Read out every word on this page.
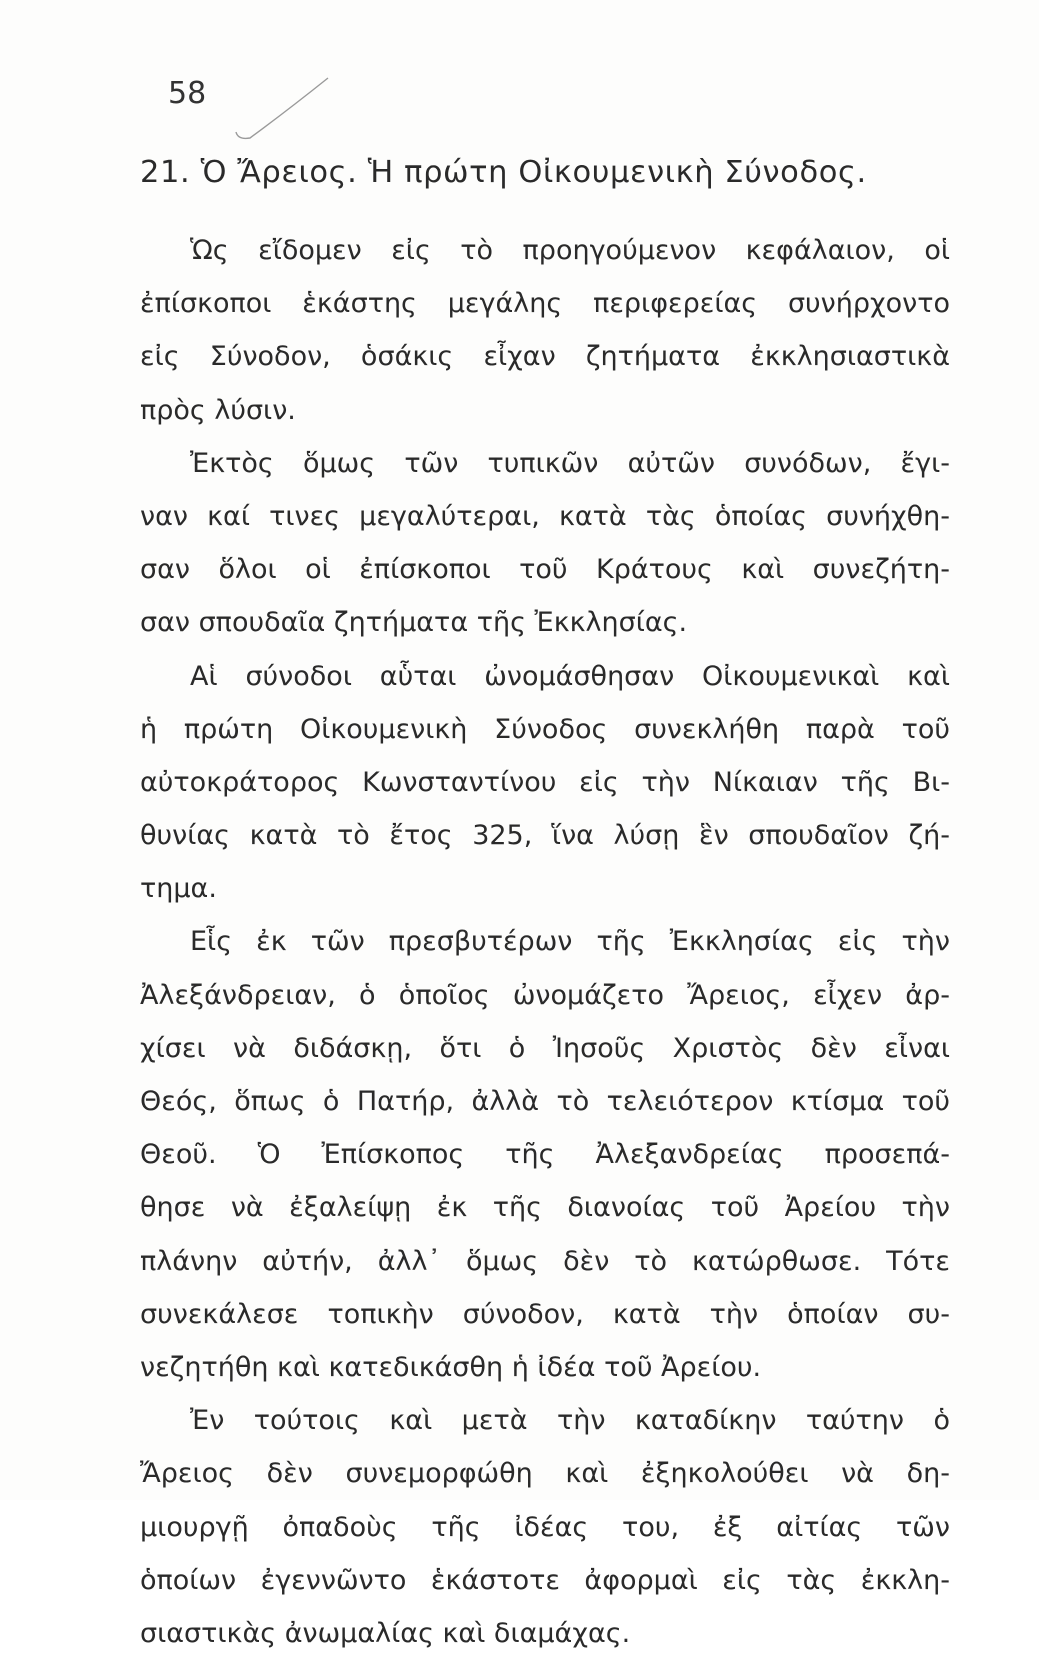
58
21. Ὁ Ἄρειος. Ἡ πρώτη Οἰκουμενικὴ Σύνοδος.
Ὡς εἴδομεν εἰς τὸ προηγούμενον κεφάλαιον, οἱ
ἐπίσκοποι ἑκάστης μεγάλης περιφερείας συνήρχοντο
εἰς Σύνοδον, ὁσάκις εἶχαν ζητήματα ἐκκλησιαστικὰ
πρὸς λύσιν.
Ἐκτὸς ὅμως τῶν τυπικῶν αὐτῶν συνόδων, ἔγι-
ναν καί τινες μεγαλύτεραι, κατὰ τὰς ὁποίας συνήχθη-
σαν ὅλοι οἱ ἐπίσκοποι τοῦ Κράτους καὶ συνεζήτη-
σαν σπουδαῖα ζητήματα τῆς Ἐκκλησίας.
Αἱ σύνοδοι αὗται ὠνομάσθησαν Οἰκουμενικαὶ καὶ
ἡ πρώτη Οἰκουμενικὴ Σύνοδος συνεκλήθη παρὰ τοῦ
αὐτοκράτορος Κωνσταντίνου εἰς τὴν Νίκαιαν τῆς Βι-
θυνίας κατὰ τὸ ἔτος 325, ἵνα λύσῃ ἓν σπουδαῖον ζή-
τημα.
Εἷς ἐκ τῶν πρεσβυτέρων τῆς Ἐκκλησίας εἰς τὴν
Ἀλεξάνδρειαν, ὁ ὁποῖος ὠνομάζετο Ἄρειος, εἶχεν ἀρ-
χίσει νὰ διδάσκῃ, ὅτι ὁ Ἰησοῦς Χριστὸς δὲν εἶναι
Θεός, ὅπως ὁ Πατήρ, ἀλλὰ τὸ τελειότερον κτίσμα τοῦ
Θεοῦ. Ὁ Ἐπίσκοπος τῆς Ἀλεξανδρείας προσεπά-
θησε νὰ ἐξαλείψῃ ἐκ τῆς διανοίας τοῦ Ἀρείου τὴν
πλάνην αὐτήν, ἀλλ᾽ ὅμως δὲν τὸ κατώρθωσε. Τότε
συνεκάλεσε τοπικὴν σύνοδον, κατὰ τὴν ὁποίαν συ-
νεζητήθη καὶ κατεδικάσθη ἡ ἰδέα τοῦ Ἀρείου.
Ἐν τούτοις καὶ μετὰ τὴν καταδίκην ταύτην ὁ
Ἄρειος δὲν συνεμορφώθη καὶ ἐξηκολούθει νὰ δη-
μιουργῇ ὀπαδοὺς τῆς ἰδέας του, ἐξ αἰτίας τῶν
ὁποίων ἐγεννῶντο ἑκάστοτε ἀφορμαὶ εἰς τὰς ἐκκλη-
σιαστικὰς ἀνωμαλίας καὶ διαμάχας.
